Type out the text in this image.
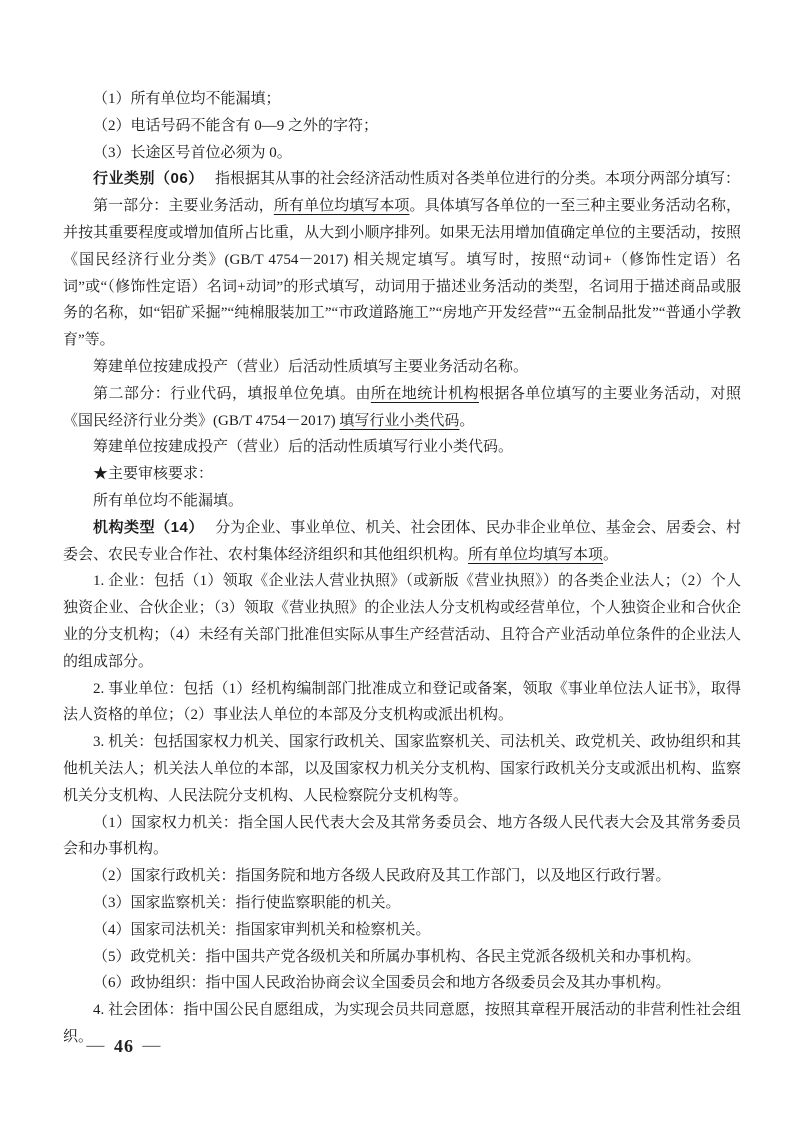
（1）所有单位均不能漏填；

（2）电话号码不能含有 0—9 之外的字符；

（3）长途区号首位必须为 0。

行业类别（06）　 指根据其从事的社会经济活动性质对各类单位进行的分类。本项分两部分填写：

第一部分：主要业务活动，所有单位均填写本项。具体填写各单位的一至三种主要业务活动名称，并按其重要程度或增加值所占比重，从大到小顺序排列。如果无法用增加值确定单位的主要活动，按照《国民经济行业分类》(GB/T 4754－2017) 相关规定填写。填写时，按照“动词+（修饰性定语）名词”或“（修饰性定语）名词+动词”的形式填写，动词用于描述业务活动的类型，名词用于描述商品或服务的名称，如“铝矿采掘”“纯棉服装加工”“市政道路施工”“房地产开发经营”“五金制品批发”“普通小学教育”等。

筹建单位按建成投产（营业）后活动性质填写主要业务活动名称。

第二部分：行业代码，填报单位免填。由所在地统计机构根据各单位填写的主要业务活动，对照《国民经济行业分类》(GB/T 4754－2017) 填写行业小类代码。

筹建单位按建成投产（营业）后的活动性质填写行业小类代码。

★主要审核要求：

所有单位均不能漏填。

机构类型（14）　 分为企业、事业单位、机关、社会团体、民办非企业单位、基金会、居委会、村委会、农民专业合作社、农村集体经济组织和其他组织机构。所有单位均填写本项。

1. 企业：包括（1）领取《企业法人营业执照》（或新版《营业执照》）的各类企业法人；（2）个人独资企业、合伙企业；（3）领取《营业执照》的企业法人分支机构或经营单位，个人独资企业和合伙企业的分支机构；（4）未经有关部门批准但实际从事生产经营活动、且符合产业活动单位条件的企业法人的组成部分。

2. 事业单位：包括（1）经机构编制部门批准成立和登记或备案，领取《事业单位法人证书》，取得法人资格的单位；（2）事业法人单位的本部及分支机构或派出机构。

3. 机关：包括国家权力机关、国家行政机关、国家监察机关、司法机关、政党机关、政协组织和其他机关法人；机关法人单位的本部，以及国家权力机关分支机构、国家行政机关分支或派出机构、监察机关分支机构、人民法院分支机构、人民检察院分支机构等。

（1）国家权力机关：指全国人民代表大会及其常务委员会、地方各级人民代表大会及其常务委员会和办事机构。

（2）国家行政机关：指国务院和地方各级人民政府及其工作部门，以及地区行政行署。

（3）国家监察机关：指行使监察职能的机关。

（4）国家司法机关：指国家审判机关和检察机关。

（5）政党机关：指中国共产党各级机关和所属办事机构、各民主党派各级机关和办事机构。

（6）政协组织：指中国人民政治协商会议全国委员会和地方各级委员会及其办事机构。

4. 社会团体：指中国公民自愿组成，为实现会员共同意愿，按照其章程开展活动的非营利性社会组织。

— 46 —
